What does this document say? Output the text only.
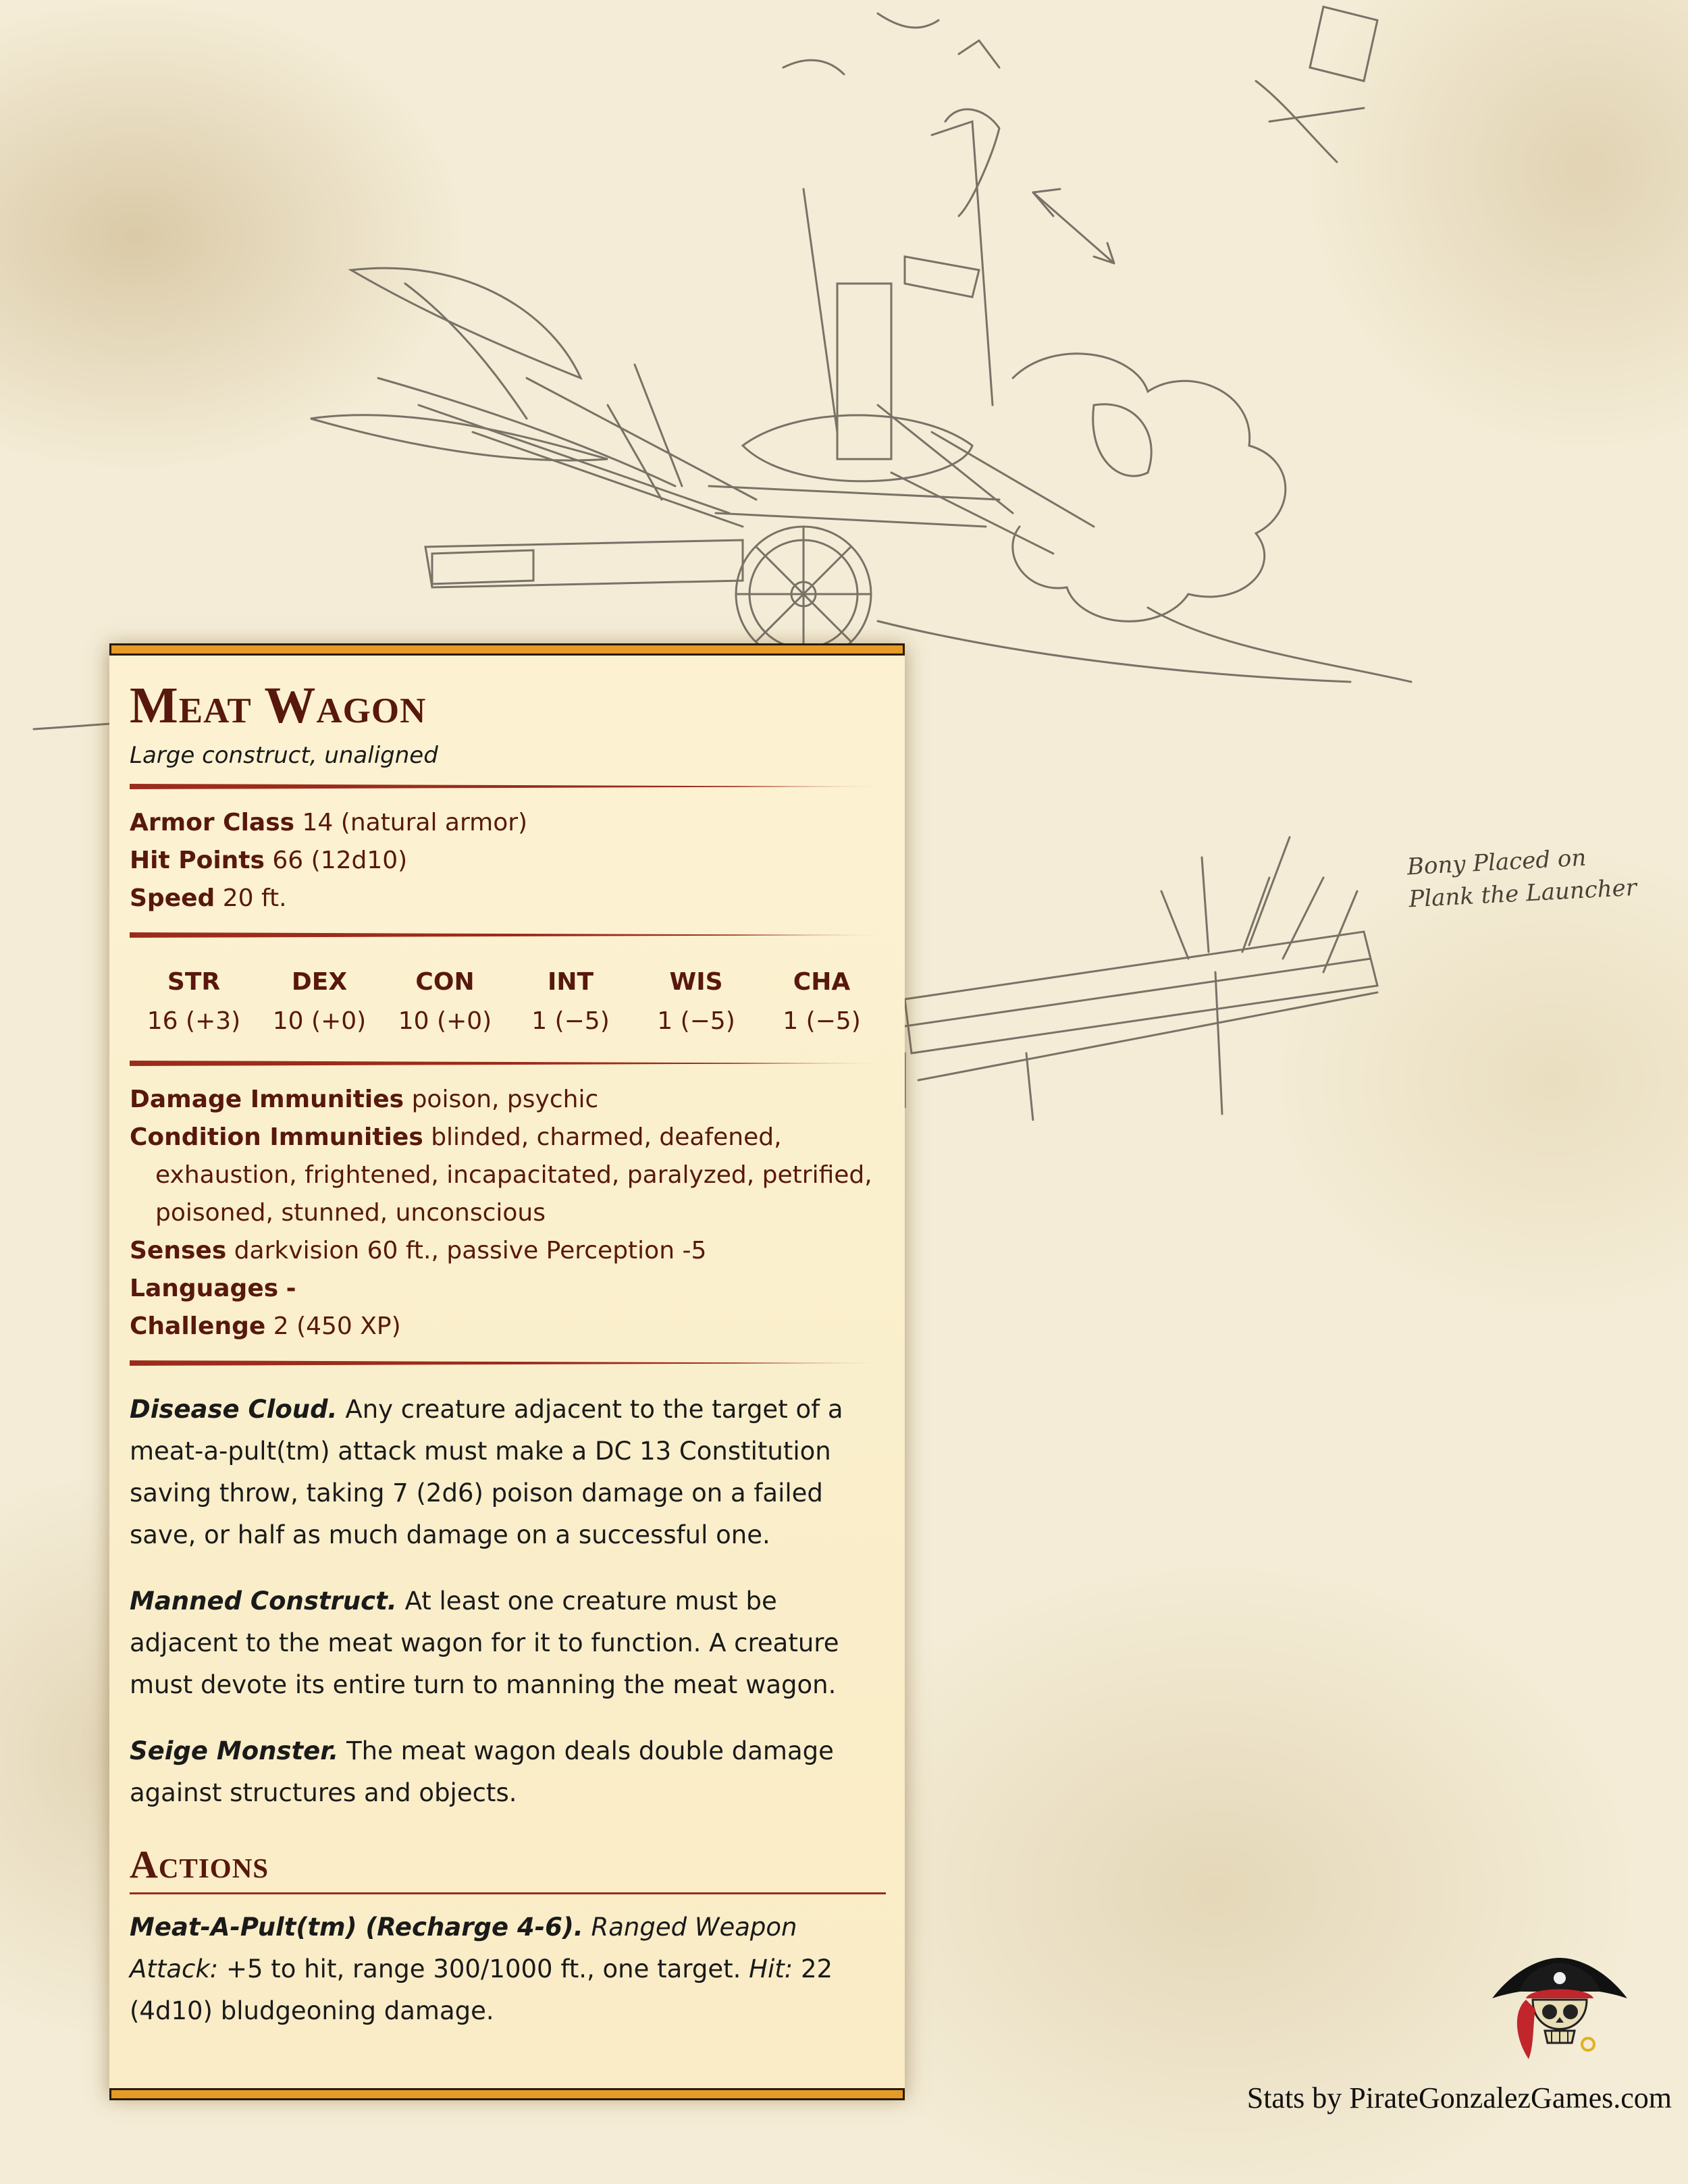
Bony Placed on
Plank the Launcher
Meat Wagon
Large construct, unaligned
Armor Class 14 (natural armor)
Hit Points 66 (12d10)
Speed 20 ft.
STR
16 (+3)
DEX
10 (+0)
CON
10 (+0)
INT
1 (−5)
WIS
1 (−5)
CHA
1 (−5)
Damage Immunities poison, psychic
Condition Immunities blinded, charmed, deafened, exhaustion, frightened, incapacitated, paralyzed, petrified, poisoned, stunned, unconscious
Senses darkvision 60 ft., passive Perception -5
Languages -
Challenge 2 (450 XP)

Disease Cloud. Any creature adjacent to the target of a meat-a-pult(tm) attack must make a DC 13 Constitution saving throw, taking 7 (2d6) poison damage on a failed save, or half as much damage on a successful one.

Manned Construct. At least one creature must be adjacent to the meat wagon for it to function. A creature must devote its entire turn to manning the meat wagon.

Seige Monster. The meat wagon deals double damage against structures and objects.

Actions

Meat-A-Pult(tm) (Recharge 4-6). Ranged Weapon Attack: +5 to hit, range 300/1000 ft., one target. Hit: 22 (4d10) bludgeoning damage.

Stats by PirateGonzalezGames.com
